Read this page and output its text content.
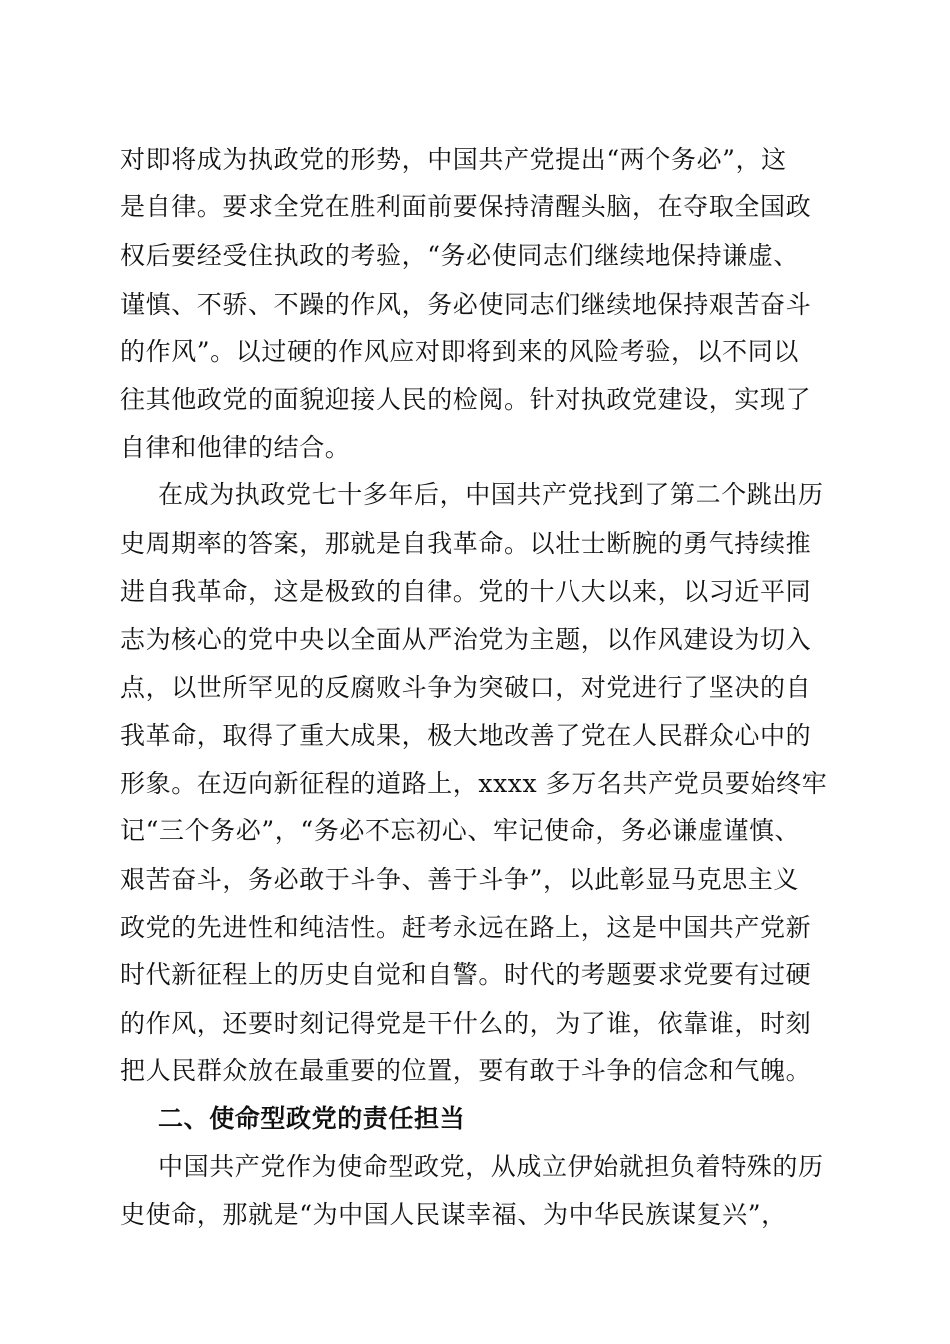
对即将成为执政党的形势，中国共产党提出“两个务必”，这
是自律。要求全党在胜利面前要保持清醒头脑，在夺取全国政
权后要经受住执政的考验，“务必使同志们继续地保持谦虚、
谨慎、不骄、不躁的作风，务必使同志们继续地保持艰苦奋斗
的作风”。以过硬的作风应对即将到来的风险考验，以不同以
往其他政党的面貌迎接人民的检阅。针对执政党建设，实现了
自律和他律的结合。
在成为执政党七十多年后，中国共产党找到了第二个跳出历
史周期率的答案，那就是自我革命。以壮士断腕的勇气持续推
进自我革命，这是极致的自律。党的十八大以来，以习近平同
志为核心的党中央以全面从严治党为主题，以作风建设为切入
点，以世所罕见的反腐败斗争为突破口，对党进行了坚决的自
我革命，取得了重大成果，极大地改善了党在人民群众心中的
形象。在迈向新征程的道路上，xxxx 多万名共产党员要始终牢
记“三个务必”，“务必不忘初心、牢记使命，务必谦虚谨慎、
艰苦奋斗，务必敢于斗争、善于斗争”，以此彰显马克思主义
政党的先进性和纯洁性。赶考永远在路上，这是中国共产党新
时代新征程上的历史自觉和自警。时代的考题要求党要有过硬
的作风，还要时刻记得党是干什么的，为了谁，依靠谁，时刻
把人民群众放在最重要的位置，要有敢于斗争的信念和气魄。
二、使命型政党的责任担当
中国共产党作为使命型政党，从成立伊始就担负着特殊的历
史使命，那就是“为中国人民谋幸福、为中华民族谋复兴”，
